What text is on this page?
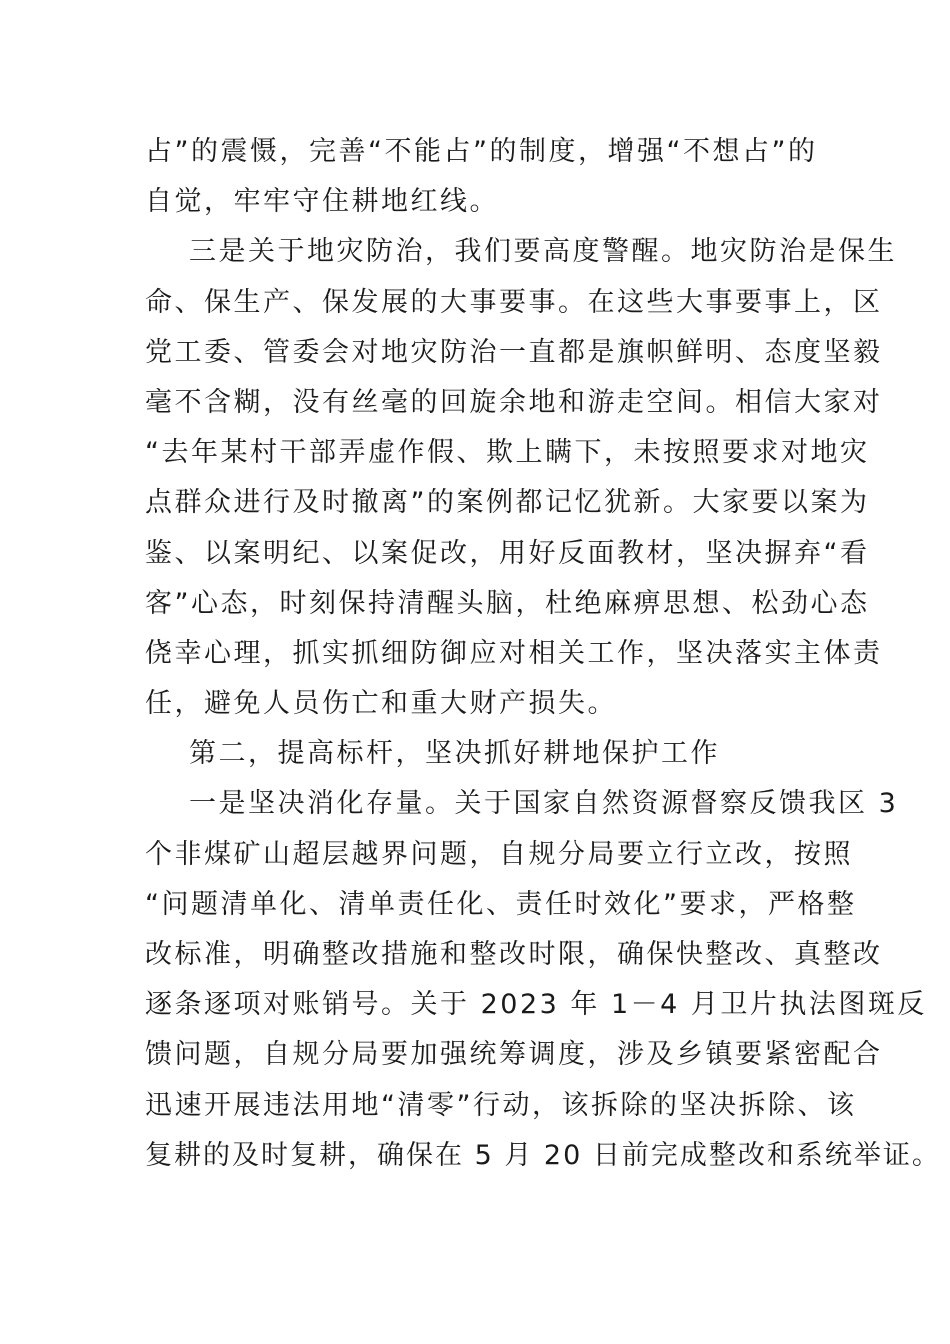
占”的震慑，完善“不能占”的制度，增强“不想占”的
自觉，牢牢守住耕地红线。
三是关于地灾防治，我们要高度警醒。地灾防治是保生
命、保生产、保发展的大事要事。在这些大事要事上，区
党工委、管委会对地灾防治一直都是旗帜鲜明、态度坚毅
毫不含糊，没有丝毫的回旋余地和游走空间。相信大家对
“去年某村干部弄虚作假、欺上瞒下，未按照要求对地灾
点群众进行及时撤离”的案例都记忆犹新。大家要以案为
鉴、以案明纪、以案促改，用好反面教材，坚决摒弃“看
客”心态，时刻保持清醒头脑，杜绝麻痹思想、松劲心态
侥幸心理，抓实抓细防御应对相关工作，坚决落实主体责
任，避免人员伤亡和重大财产损失。
第二，提高标杆，坚决抓好耕地保护工作
一是坚决消化存量。关于国家自然资源督察反馈我区 3
个非煤矿山超层越界问题，自规分局要立行立改，按照
“问题清单化、清单责任化、责任时效化”要求，严格整
改标准，明确整改措施和整改时限，确保快整改、真整改
逐条逐项对账销号。关于 2023 年 1－4 月卫片执法图斑反
馈问题，自规分局要加强统筹调度，涉及乡镇要紧密配合
迅速开展违法用地“清零”行动，该拆除的坚决拆除、该
复耕的及时复耕，确保在 5 月 20 日前完成整改和系统举证。
